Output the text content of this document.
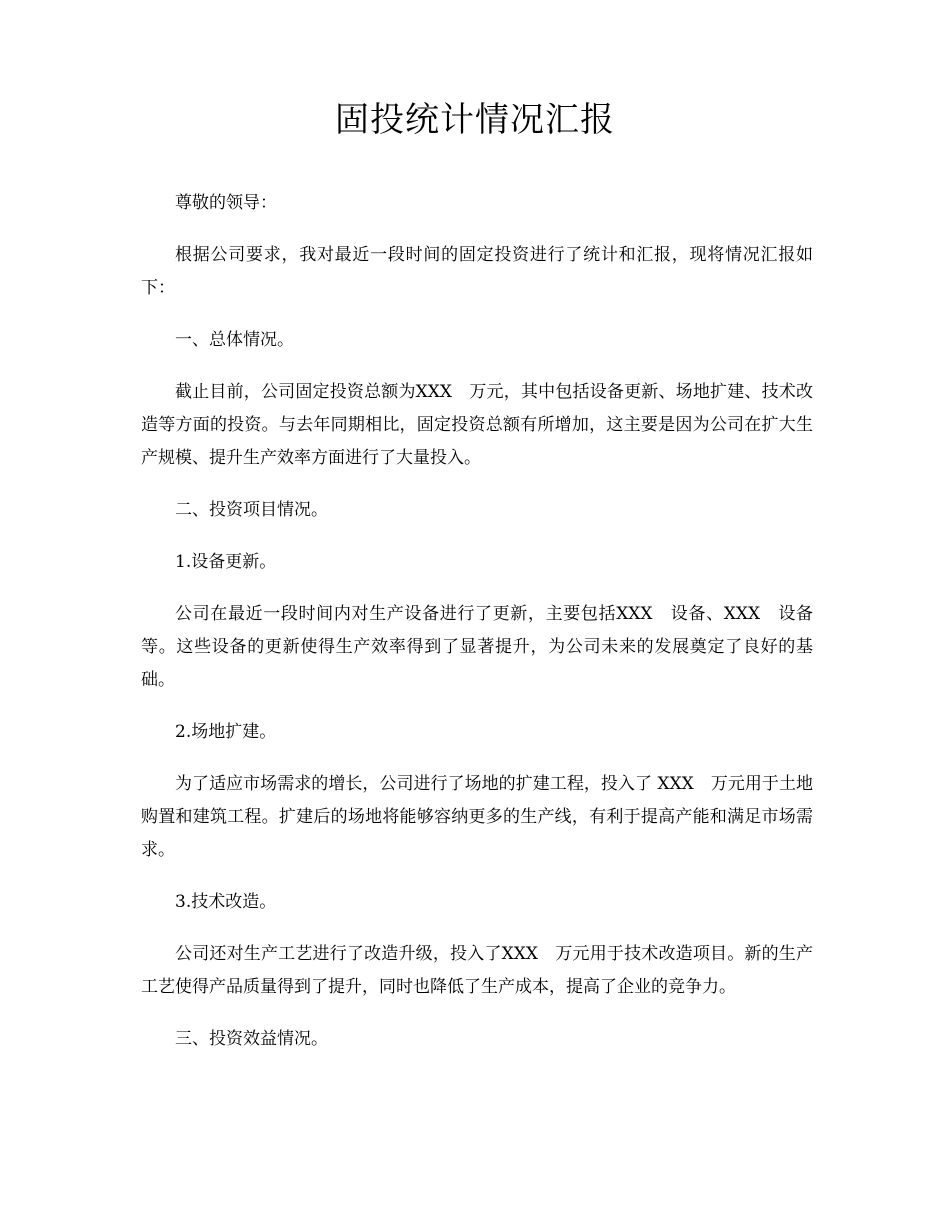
固投统计情况汇报

尊敬的领导：

根据公司要求，我对最近一段时间的固定投资进行了统计和汇报，现将情况汇报如下：

一、总体情况。

截止目前，公司固定投资总额为XXX　万元，其中包括设备更新、场地扩建、技术改造等方面的投资。与去年同期相比，固定投资总额有所增加，这主要是因为公司在扩大生产规模、提升生产效率方面进行了大量投入。

二、投资项目情况。

1.设备更新。

公司在最近一段时间内对生产设备进行了更新，主要包括XXX　设备、XXX　设备等。这些设备的更新使得生产效率得到了显著提升，为公司未来的发展奠定了良好的基础。

2.场地扩建。

为了适应市场需求的增长，公司进行了场地的扩建工程，投入了 XXX　万元用于土地购置和建筑工程。扩建后的场地将能够容纳更多的生产线，有利于提高产能和满足市场需求。

3.技术改造。

公司还对生产工艺进行了改造升级，投入了XXX　万元用于技术改造项目。新的生产工艺使得产品质量得到了提升，同时也降低了生产成本，提高了企业的竞争力。

三、投资效益情况。
